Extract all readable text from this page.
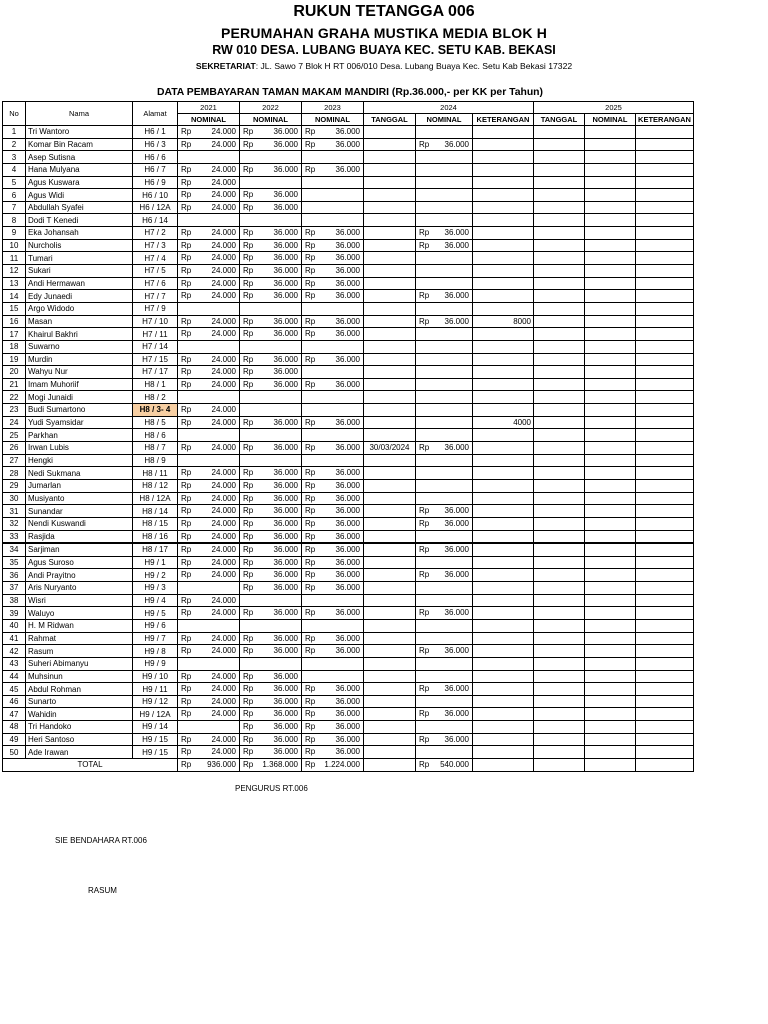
RUKUN TETANGGA 006
PERUMAHAN GRAHA MUSTIKA MEDIA BLOK H
RW 010 DESA. LUBANG BUAYA KEC. SETU KAB. BEKASI
SEKRETARIAT: JL. Sawo 7 Blok H RT 006/010 Desa. Lubang Buaya Kec. Setu Kab Bekasi 17322
DATA PEMBAYARAN TAMAN MAKAM MANDIRI (Rp.36.000,- per KK per Tahun)
No	Nama	Alamat	2021	2022	2023	2024			2025		
			NOMINAL	NOMINAL	NOMINAL	TANGGAL	NOMINAL	KETERANGAN	TANGGAL	NOMINAL	KETERANGAN
1	Tri Wantoro	H6 / 1	Rp 24.000	Rp 36.000	Rp 36.000						

2	Komar Bin Racam	H6 / 3	Rp 24.000	Rp 36.000	Rp 36.000		Rp 36.000				

3	Asep Sutisna	H6 / 6									
4	Hana Mulyana	H6 / 7	Rp 24.000	Rp 36.000	Rp 36.000						

5	Agus Kuswara	H6 / 9	Rp 24.000								

6	Agus Widi	H6 / 10	Rp 24.000	Rp 36.000							

7	Abdullah Syafei	H6 / 12A	Rp 24.000	Rp 36.000							

8	Dodi T Kenedi	H6 / 14									
9	Eka Johansah	H7 / 2	Rp 24.000	Rp 36.000	Rp 36.000		Rp 36.000				

10	Nurcholis	H7 / 3	Rp 24.000	Rp 36.000	Rp 36.000		Rp 36.000				

11	Tumari	H7 / 4	Rp 24.000	Rp 36.000	Rp 36.000						

12	Sukari	H7 / 5	Rp 24.000	Rp 36.000	Rp 36.000						

13	Andi Hermawan	H7 / 6	Rp 24.000	Rp 36.000	Rp 36.000						

14	Edy Junaedi	H7 / 7	Rp 24.000	Rp 36.000	Rp 36.000		Rp 36.000				

15	Argo Widodo	H7 / 9									
16	Masan	H7 / 10	Rp 24.000	Rp 36.000	Rp 36.000		Rp 36.000	8000			
17	Khairul Bakhri	H7 / 11	Rp 24.000	Rp 36.000	Rp 36.000						

18	Suwarno	H7 / 14									
19	Murdin	H7 / 15	Rp 24.000	Rp 36.000	Rp 36.000						

20	Wahyu Nur	H7 / 17	Rp 24.000	Rp 36.000							

21	Imam Muhoriif	H8 / 1	Rp 24.000	Rp 36.000	Rp 36.000						

22	Mogi Junaidi	H8 / 2									
23	Budi Sumartono	H8 / 3- 4	Rp 24.000								

24	Yudi Syamsidar	H8 / 5	Rp 24.000	Rp 36.000	Rp 36.000			4000			
25	Parkhan	H8 / 6									
26	Irwan Lubis	H8 / 7	Rp 24.000	Rp 36.000	Rp 36.000	30/03/2024	Rp 36.000				

27	Hengki	H8 / 9									
28	Nedi Sukmana	H8 / 11	Rp 24.000	Rp 36.000	Rp 36.000						

29	Jumarlan	H8 / 12	Rp 24.000	Rp 36.000	Rp 36.000						

30	Musiyanto	H8 / 12A	Rp 24.000	Rp 36.000	Rp 36.000						

31	Sunandar	H8 / 14	Rp 24.000	Rp 36.000	Rp 36.000		Rp 36.000				

32	Nendi Kuswandi	H8 / 15	Rp 24.000	Rp 36.000	Rp 36.000		Rp 36.000				

33	Rasjida	H8 / 16	Rp 24.000	Rp 36.000	Rp 36.000						

34	Sarjiman	H8 / 17	Rp 24.000	Rp 36.000	Rp 36.000		Rp 36.000				

35	Agus Suroso	H9 / 1	Rp 24.000	Rp 36.000	Rp 36.000						

36	Andi Prayitno	H9 / 2	Rp 24.000	Rp 36.000	Rp 36.000		Rp 36.000				

37	Aris Nuryanto	H9 / 3		Rp 36.000	Rp 36.000						

38	Wisri	H9 / 4	Rp 24.000								

39	Waluyo	H9 / 5	Rp 24.000	Rp 36.000	Rp 36.000		Rp 36.000				

40	H. M Ridwan	H9 / 6									
41	Rahmat	H9 / 7	Rp 24.000	Rp 36.000	Rp 36.000						

42	Rasum	H9 / 8	Rp 24.000	Rp 36.000	Rp 36.000		Rp 36.000				

43	Suheri Abimanyu	H9 / 9									
44	Muhsinun	H9 / 10	Rp 24.000	Rp 36.000							

45	Abdul Rohman	H9 / 11	Rp 24.000	Rp 36.000	Rp 36.000		Rp 36.000				

46	Sunarto	H9 / 12	Rp 24.000	Rp 36.000	Rp 36.000						

47	Wahidin	H9 / 12A	Rp 24.000	Rp 36.000	Rp 36.000		Rp 36.000				

48	Tri Handoko	H9 / 14		Rp 36.000	Rp 36.000						

49	Heri Santoso	H9 / 15	Rp 24.000	Rp 36.000	Rp 36.000		Rp 36.000				

50	Ade Irawan	H9 / 15	Rp 24.000	Rp 36.000	Rp 36.000						

TOTAL			Rp 936.000	Rp 1.368.000	Rp 1.224.000		Rp 540.000				

PENGURUS RT.006
SIE BENDAHARA RT.006
RASUM
